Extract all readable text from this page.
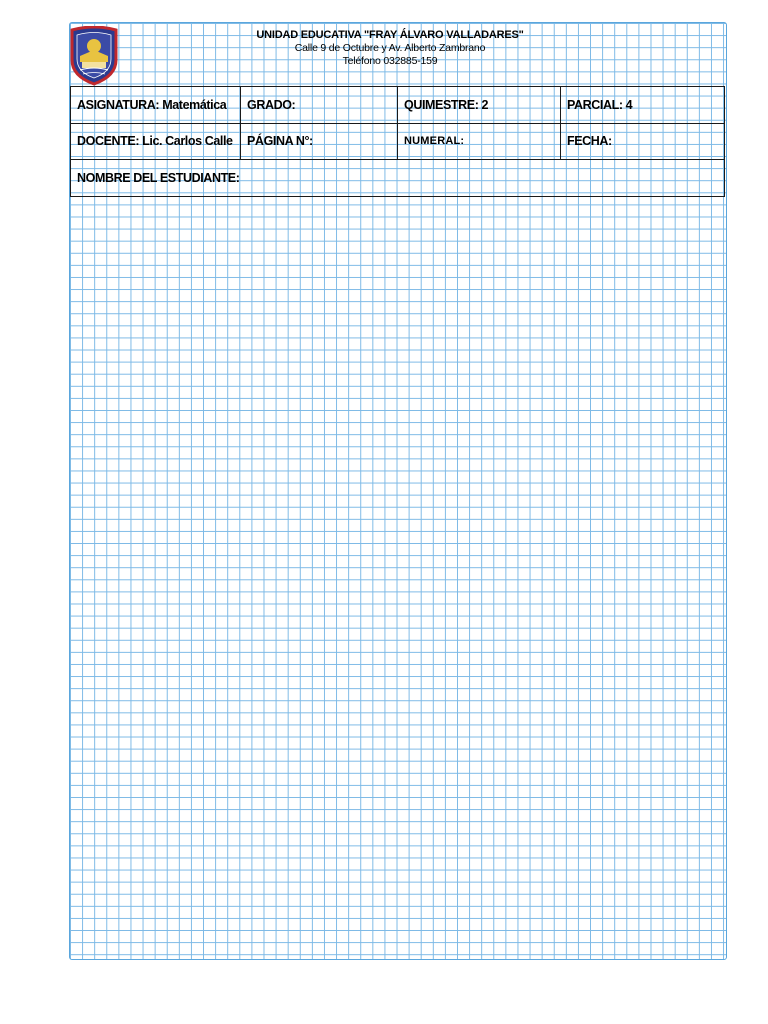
UNIDAD EDUCATIVA "FRAY ÁLVARO VALLADARES"
Calle 9 de Octubre y Av. Alberto Zambrano
Teléfono 032885-159
ASIGNATURA: Matemática	GRADO:	QUIMESTRE: 2	PARCIAL: 4
DOCENTE: Lic. Carlos Calle	PÁGINA N°:	NUMERAL:	FECHA:
NOMBRE DEL ESTUDIANTE:			
